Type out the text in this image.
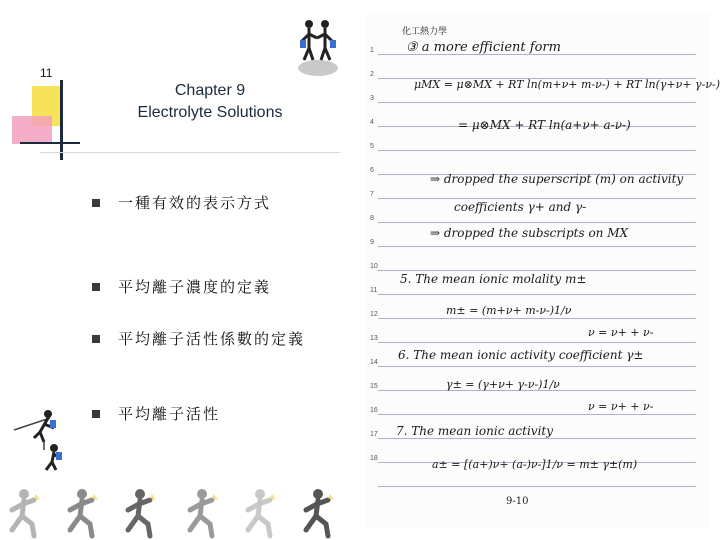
11
Chapter 9
Electrolyte Solutions
一種有效的表示方式
平均離子濃度的定義
平均離子活性係數的定義
平均離子活性
化工熱力學
1
2
3
4
5
6
7
8
9
10
11
12
13
14
15
16
17
18
③ a more efficient form
μMX = μ⊗MX + RT ln(m+ν+ m-ν-) + RT ln(γ+ν+ γ-ν-)
= μ⊗MX + RT ln(a+ν+ a-ν-)
⇒ dropped the superscript (m) on activity
coefficients γ+ and γ-
⇒ dropped the subscripts on MX
5. The mean ionic molality m±
m± = (m+ν+ m-ν-)1/ν
ν = ν+ + ν-
6. The mean ionic activity coefficient γ±
γ± = (γ+ν+ γ-ν-)1/ν
ν = ν+ + ν-
7. The mean ionic activity
a± = [(a+)ν+ (a-)ν-]1/ν = m± γ±(m)
9-10
